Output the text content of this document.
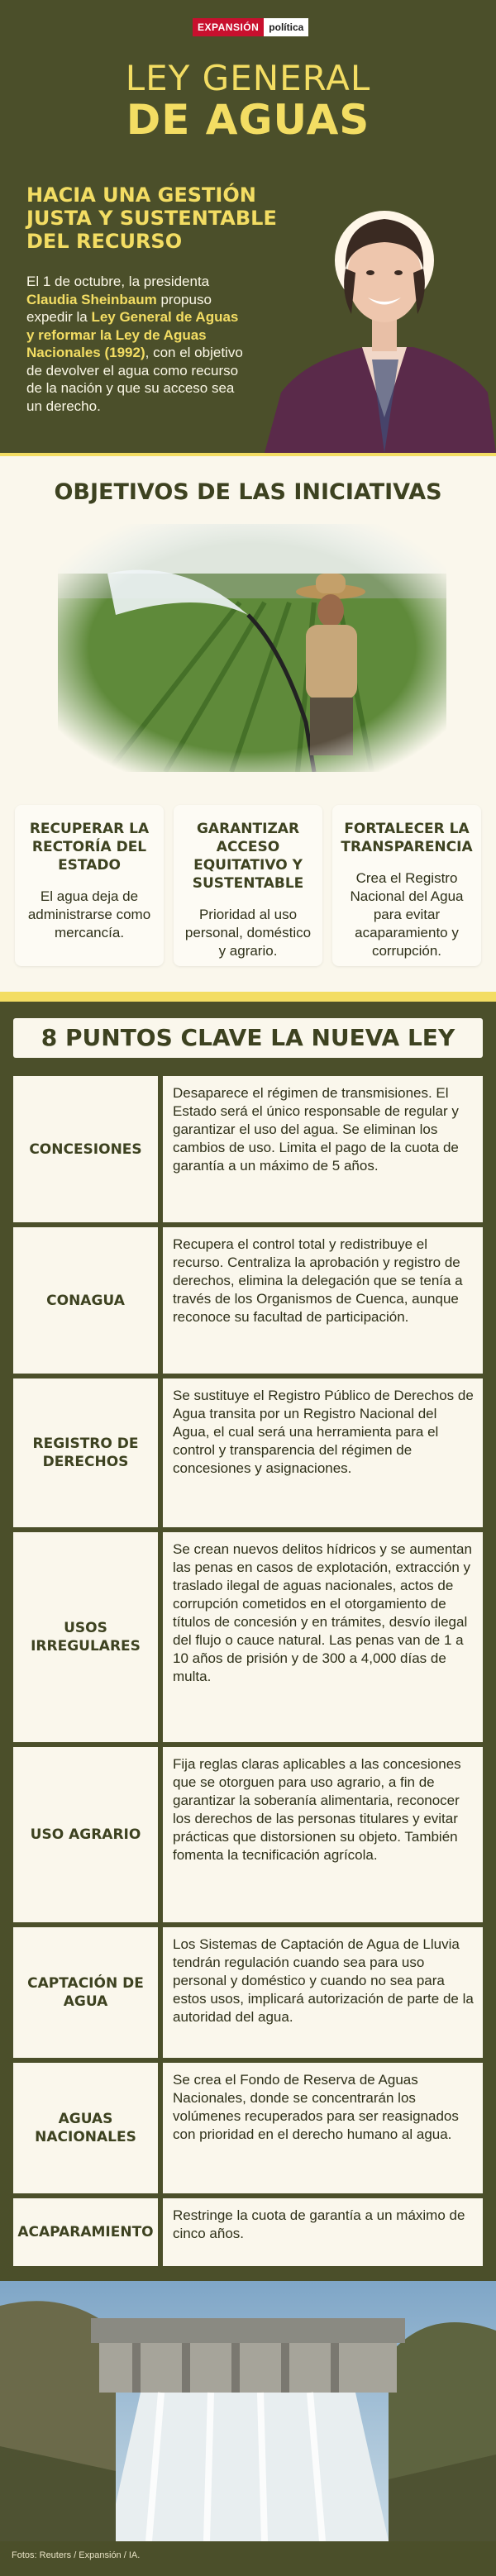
EXPANSIÓN	política
LEY GENERAL
DE AGUAS
HACIA UNA GESTIÓN JUSTA Y SUSTENTABLE DEL RECURSO
El 1 de octubre, la presidenta Claudia Sheinbaum propuso expedir la Ley General de Aguas y reformar la Ley de Aguas Nacionales (1992), con el objetivo de devolver el agua como recurso de la nación y que su acceso sea un derecho.
OBJETIVOS DE LAS INICIATIVAS
RECUPERAR LA RECTORÍA DEL ESTADO
El agua deja de administrarse como mercancía.
GARANTIZAR ACCESO EQUITATIVO Y SUSTENTABLE
Prioridad al uso personal, doméstico y agrario.
FORTALECER LA TRANSPARENCIA
Crea el Registro Nacional del Agua para evitar acaparamiento y corrupción.
8 PUNTOS CLAVE LA NUEVA LEY
CONCESIONES
Desaparece el régimen de transmisiones. El Estado será el único responsable de regular y garantizar el uso del agua. Se eliminan los cambios de uso. Limita el pago de la cuota de garantía a un máximo de 5 años.
CONAGUA
Recupera el control total y redistribuye el recurso. Centraliza la aprobación y registro de derechos, elimina la delegación que se tenía a través de los Organismos de Cuenca, aunque reconoce su facultad de participación.
REGISTRO DE DERECHOS
Se sustituye el Registro Público de Derechos de Agua transita por un Registro Nacional del Agua, el cual será una herramienta para el control y transparencia del régimen de concesiones y asignaciones.
USOS IRREGULARES
Se crean nuevos delitos hídricos y se aumentan las penas en casos de explotación, extracción y traslado ilegal de aguas nacionales, actos de corrupción cometidos en el otorgamiento de títulos de concesión y en trámites, desvío ilegal del flujo o cauce natural. Las penas van de 1 a 10 años de prisión y de 300 a 4,000 días de multa.
USO AGRARIO
Fija reglas claras aplicables a las concesiones que se otorguen para uso agrario, a fin de garantizar la soberanía alimentaria, reconocer los derechos de las personas titulares y evitar prácticas que distorsionen su objeto. También fomenta la tecnificación agrícola.
CAPTACIÓN DE AGUA
Los Sistemas de Captación de Agua de Lluvia tendrán regulación cuando sea para uso personal y doméstico y cuando no sea para estos usos, implicará autorización de parte de la autoridad del agua.
AGUAS NACIONALES
Se crea el Fondo de Reserva de Aguas Nacionales, donde se concentrarán los volúmenes recuperados para ser reasignados con prioridad en el derecho humano al agua.
ACAPARAMIENTO
Restringe la cuota de garantía a un máximo de cinco años.
Fotos: Reuters / Expansión / IA.
